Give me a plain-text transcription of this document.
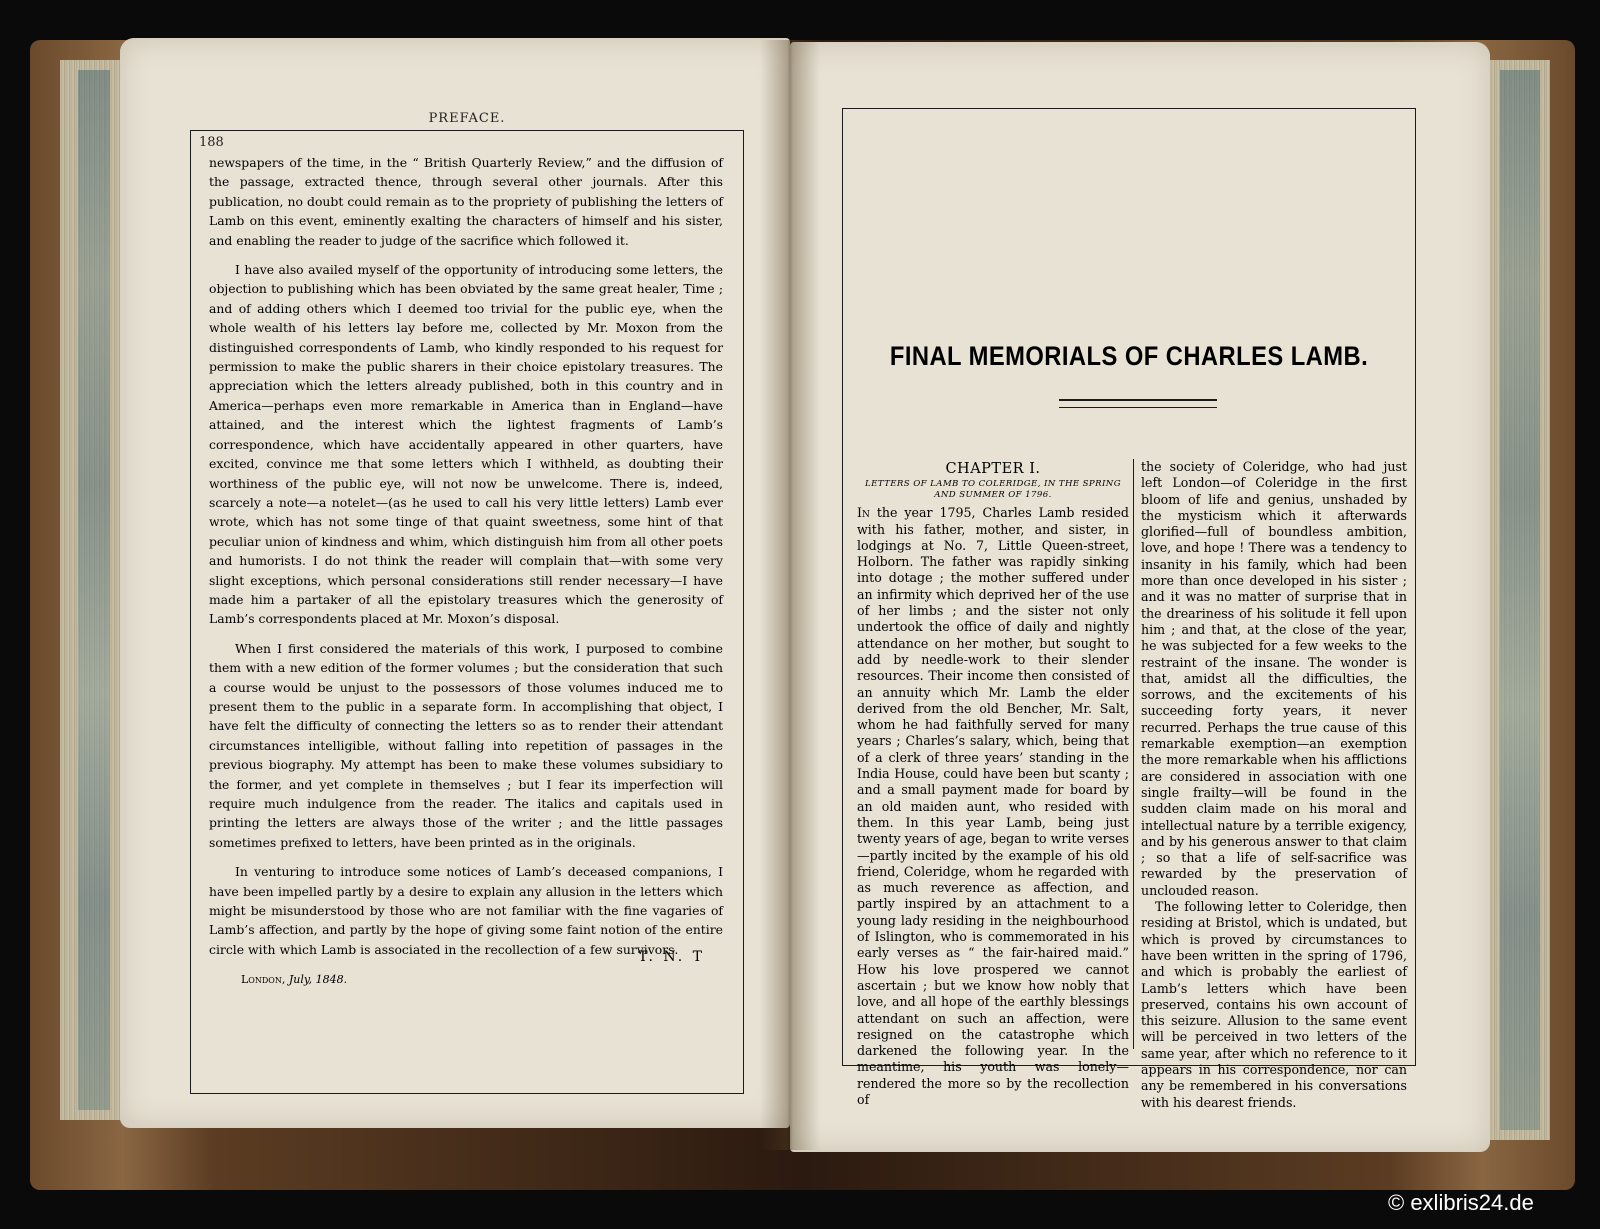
PREFACE.
188

newspapers of the time, in the “ British Quarterly Review,” and the diffusion of the passage, extracted thence, through several other journals. After this publication, no doubt could remain as to the propriety of publishing the letters of Lamb on this event, eminently exalting the characters of himself and his sister, and enabling the reader to judge of the sacrifice which followed it.

I have also availed myself of the opportunity of introducing some letters, the objection to publishing which has been obviated by the same great healer, Time ; and of adding others which I deemed too trivial for the public eye, when the whole wealth of his letters lay before me, collected by Mr. Moxon from the distinguished correspondents of Lamb, who kindly responded to his request for permission to make the public sharers in their choice epistolary treasures. The appreciation which the letters already published, both in this country and in America—perhaps even more remarkable in America than in England—have attained, and the interest which the lightest fragments of Lamb’s correspondence, which have accidentally appeared in other quarters, have excited, convince me that some letters which I withheld, as doubting their worthiness of the public eye, will not now be unwelcome. There is, indeed, scarcely a note—a notelet—(as he used to call his very little letters) Lamb ever wrote, which has not some tinge of that quaint sweetness, some hint of that peculiar union of kindness and whim, which distinguish him from all other poets and humorists. I do not think the reader will complain that—with some very slight exceptions, which personal considerations still render necessary—I have made him a partaker of all the epistolary treasures which the generosity of Lamb’s correspondents placed at Mr. Moxon’s disposal.

When I first considered the materials of this work, I purposed to combine them with a new edition of the former volumes ; but the consideration that such a course would be unjust to the possessors of those volumes induced me to present them to the public in a separate form. In accomplishing that object, I have felt the difficulty of connecting the letters so as to render their attendant circumstances intelligible, without falling into repetition of passages in the previous biography. My attempt has been to make these volumes subsidiary to the former, and yet complete in themselves ; but I fear its imperfection will require much indulgence from the reader. The italics and capitals used in printing the letters are always those of the writer ; and the little passages sometimes prefixed to letters, have been printed as in the originals.

In venturing to introduce some notices of Lamb’s deceased companions, I have been impelled partly by a desire to explain any allusion in the letters which might be misunderstood by those who are not familiar with the fine vagaries of Lamb’s affection, and partly by the hope of giving some faint notion of the entire circle with which Lamb is associated in the recollection of a few survivors.

T. N. T
London, July, 1848.
FINAL MEMORIALS OF CHARLES LAMB.
CHAPTER I.
LETTERS OF LAMB TO COLERIDGE, IN THE SPRING AND SUMMER OF 1796.

In the year 1795, Charles Lamb resided with his father, mother, and sister, in lodgings at No. 7, Little Queen-street, Holborn. The father was rapidly sinking into dotage ; the mother suffered under an infirmity which deprived her of the use of her limbs ; and the sister not only undertook the office of daily and nightly attendance on her mother, but sought to add by needle-work to their slender resources. Their income then consisted of an annuity which Mr. Lamb the elder derived from the old Bencher, Mr. Salt, whom he had faithfully served for many years ; Charles’s salary, which, being that of a clerk of three years’ standing in the India House, could have been but scanty ; and a small payment made for board by an old maiden aunt, who resided with them. In this year Lamb, being just twenty years of age, began to write verses—partly incited by the example of his old friend, Coleridge, whom he regarded with as much reverence as affection, and partly inspired by an attachment to a young lady residing in the neighbourhood of Islington, who is commemorated in his early verses as “ the fair-haired maid.” How his love prospered we cannot ascertain ; but we know how nobly that love, and all hope of the earthly blessings attendant on such an affection, were resigned on the catastrophe which darkened the following year. In the meantime, his youth was lonely—rendered the more so by the recollection of

the society of Coleridge, who had just left London—of Coleridge in the first bloom of life and genius, unshaded by the mysticism which it afterwards glorified—full of boundless ambition, love, and hope ! There was a tendency to insanity in his family, which had been more than once developed in his sister ; and it was no matter of surprise that in the dreariness of his solitude it fell upon him ; and that, at the close of the year, he was subjected for a few weeks to the restraint of the insane. The wonder is that, amidst all the difficulties, the sorrows, and the excitements of his succeeding forty years, it never recurred. Perhaps the true cause of this remarkable exemption—an exemption the more remarkable when his afflictions are considered in association with one single frailty—will be found in the sudden claim made on his moral and intellectual nature by a terrible exigency, and by his generous answer to that claim ; so that a life of self-sacrifice was rewarded by the preservation of unclouded reason.

The following letter to Coleridge, then residing at Bristol, which is undated, but which is proved by circumstances to have been written in the spring of 1796, and which is probably the earliest of Lamb’s letters which have been preserved, contains his own account of this seizure. Allusion to the same event will be perceived in two letters of the same year, after which no reference to it appears in his correspondence, nor can any be remembered in his conversations with his dearest friends.

© exlibris24.de
